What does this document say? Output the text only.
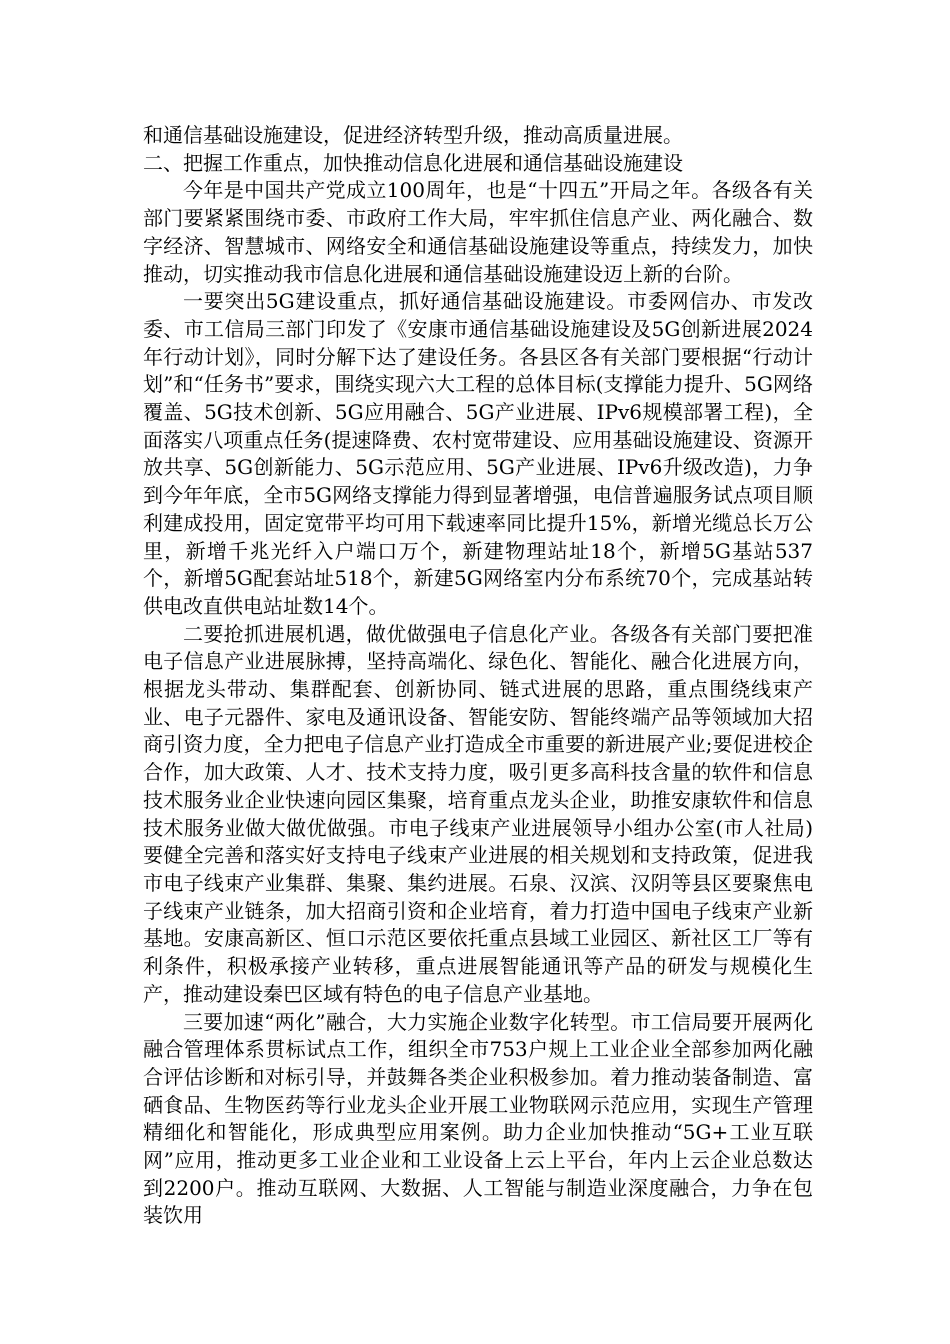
和通信基础设施建设，促进经济转型升级，推动高质量进展。

二、把握工作重点，加快推动信息化进展和通信基础设施建设

今年是中国共产党成立100周年，也是“十四五”开局之年。各级各有关部门要紧紧围绕市委、市政府工作大局，牢牢抓住信息产业、两化融合、数字经济、智慧城市、网络安全和通信基础设施建设等重点，持续发力，加快推动，切实推动我市信息化进展和通信基础设施建设迈上新的台阶。

一要突出5G建设重点，抓好通信基础设施建设。市委网信办、市发改委、市工信局三部门印发了《安康市通信基础设施建设及5G创新进展2024年行动计划》，同时分解下达了建设任务。各县区各有关部门要根据“行动计划”和“任务书”要求，围绕实现六大工程的总体目标(支撑能力提升、5G网络覆盖、5G技术创新、5G应用融合、5G产业进展、IPv6规模部署工程)，全面落实八项重点任务(提速降费、农村宽带建设、应用基础设施建设、资源开放共享、5G创新能力、5G示范应用、5G产业进展、IPv6升级改造)，力争到今年年底，全市5G网络支撑能力得到显著增强，电信普遍服务试点项目顺利建成投用，固定宽带平均可用下载速率同比提升15%，新增光缆总长万公里，新增千兆光纤入户端口万个，新建物理站址18个，新增5G基站537个，新增5G配套站址518个，新建5G网络室内分布系统70个，完成基站转供电改直供电站址数14个。

二要抢抓进展机遇，做优做强电子信息化产业。各级各有关部门要把准电子信息产业进展脉搏，坚持高端化、绿色化、智能化、融合化进展方向，根据龙头带动、集群配套、创新协同、链式进展的思路，重点围绕线束产业、电子元器件、家电及通讯设备、智能安防、智能终端产品等领域加大招商引资力度，全力把电子信息产业打造成全市重要的新进展产业;要促进校企合作，加大政策、人才、技术支持力度，吸引更多高科技含量的软件和信息技术服务业企业快速向园区集聚，培育重点龙头企业，助推安康软件和信息技术服务业做大做优做强。市电子线束产业进展领导小组办公室(市人社局)要健全完善和落实好支持电子线束产业进展的相关规划和支持政策，促进我市电子线束产业集群、集聚、集约进展。石泉、汉滨、汉阴等县区要聚焦电子线束产业链条，加大招商引资和企业培育，着力打造中国电子线束产业新基地。安康高新区、恒口示范区要依托重点县域工业园区、新社区工厂等有利条件，积极承接产业转移，重点进展智能通讯等产品的研发与规模化生产，推动建设秦巴区域有特色的电子信息产业基地。

三要加速“两化”融合，大力实施企业数字化转型。市工信局要开展两化融合管理体系贯标试点工作，组织全市753户规上工业企业全部参加两化融合评估诊断和对标引导，并鼓舞各类企业积极参加。着力推动装备制造、富硒食品、生物医药等行业龙头企业开展工业物联网示范应用，实现生产管理精细化和智能化，形成典型应用案例。助力企业加快推动“5G+工业互联网”应用，推动更多工业企业和工业设备上云上平台，年内上云企业总数达到2200户。推动互联网、大数据、人工智能与制造业深度融合，力争在包装饮用
